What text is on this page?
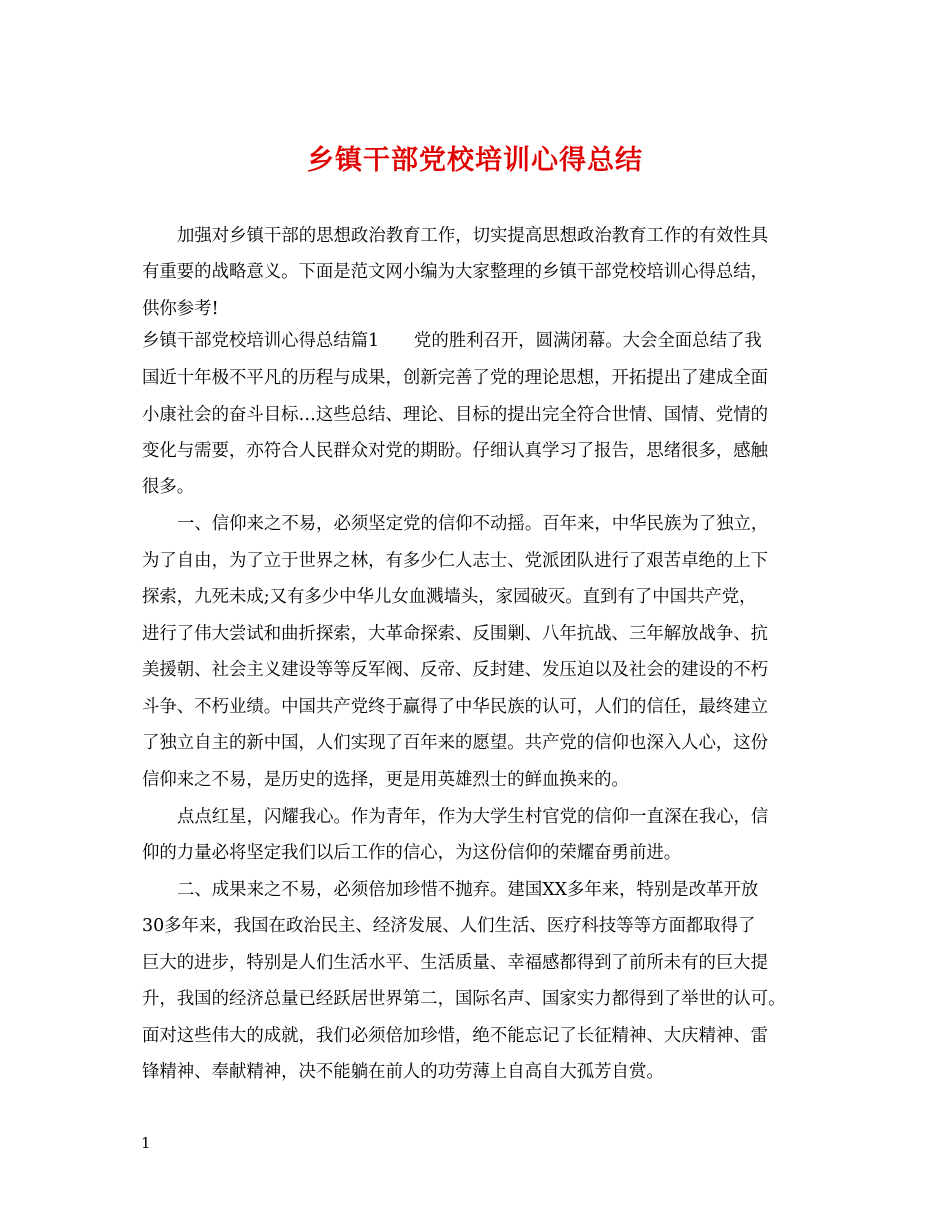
乡镇干部党校培训心得总结
加强对乡镇干部的思想政治教育工作，切实提高思想政治教育工作的有效性具
有重要的战略意义。下面是范文网小编为大家整理的乡镇干部党校培训心得总结，
供你参考!
乡镇干部党校培训心得总结篇1　　党的胜利召开，圆满闭幕。大会全面总结了我
国近十年极不平凡的历程与成果，创新完善了党的理论思想，开拓提出了建成全面
小康社会的奋斗目标…这些总结、理论、目标的提出完全符合世情、国情、党情的
变化与需要，亦符合人民群众对党的期盼。仔细认真学习了报告，思绪很多，感触
很多。
一、信仰来之不易，必须坚定党的信仰不动摇。百年来，中华民族为了独立，
为了自由，为了立于世界之林，有多少仁人志士、党派团队进行了艰苦卓绝的上下
探索，九死未成;又有多少中华儿女血溅墙头，家园破灭。直到有了中国共产党，
进行了伟大尝试和曲折探索，大革命探索、反围剿、八年抗战、三年解放战争、抗
美援朝、社会主义建设等等反军阀、反帝、反封建、发压迫以及社会的建设的不朽
斗争、不朽业绩。中国共产党终于赢得了中华民族的认可，人们的信任，最终建立
了独立自主的新中国，人们实现了百年来的愿望。共产党的信仰也深入人心，这份
信仰来之不易，是历史的选择，更是用英雄烈士的鲜血换来的。
点点红星，闪耀我心。作为青年，作为大学生村官党的信仰一直深在我心，信
仰的力量必将坚定我们以后工作的信心，为这份信仰的荣耀奋勇前进。
二、成果来之不易，必须倍加珍惜不抛弃。建国XX多年来，特别是改革开放
30多年来，我国在政治民主、经济发展、人们生活、医疗科技等等方面都取得了
巨大的进步，特别是人们生活水平、生活质量、幸福感都得到了前所未有的巨大提
升，我国的经济总量已经跃居世界第二，国际名声、国家实力都得到了举世的认可。
面对这些伟大的成就，我们必须倍加珍惜，绝不能忘记了长征精神、大庆精神、雷
锋精神、奉献精神，决不能躺在前人的功劳薄上自高自大孤芳自赏。
1
